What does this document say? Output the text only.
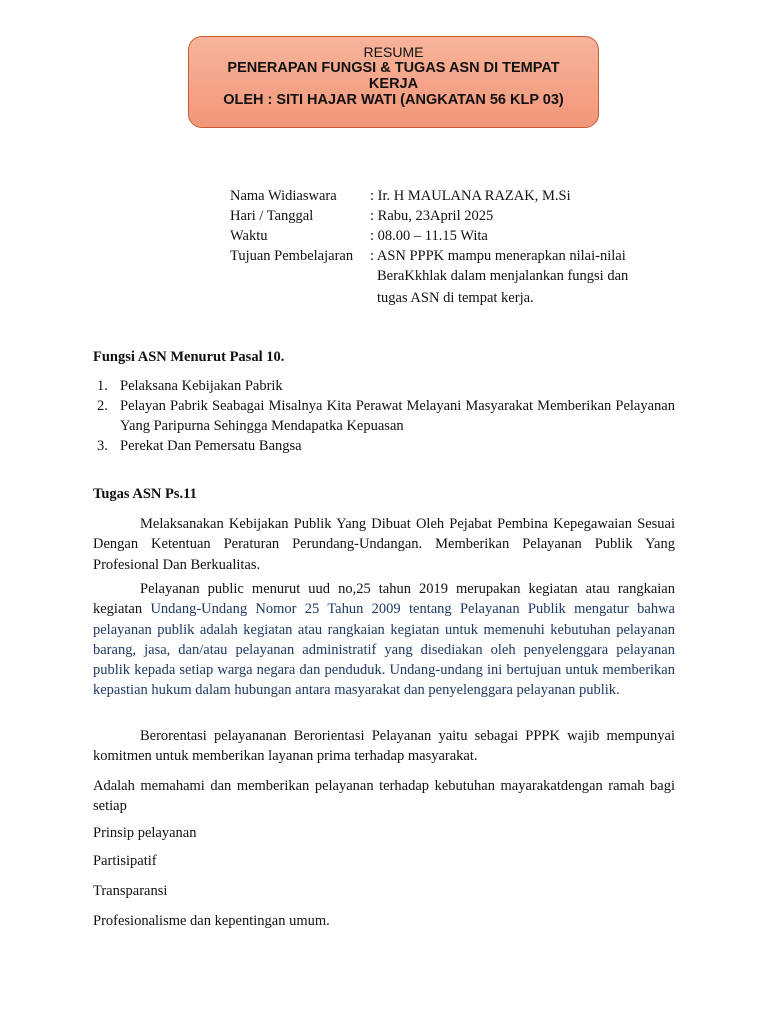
RESUME
PENERAPAN FUNGSI & TUGAS ASN DI TEMPAT
KERJA
OLEH : SITI HAJAR WATI (ANGKATAN 56 KLP 03)
Nama Widiaswara : Ir. H MAULANA RAZAK, M.Si
Hari / Tanggal	: Rabu, 23April 2025
Waktu	: 08.00 – 11.15 Wita
Tujuan Pembelajaran : ASN PPPK mampu menerapkan nilai-nilai
BeraKkhlak dalam menjalankan fungsi dan
tugas ASN di tempat kerja.
Fungsi ASN Menurut Pasal 10.
1. Pelaksana Kebijakan Pabrik
2. Pelayan Pabrik Seabagai Misalnya Kita Perawat Melayani Masyarakat Memberikan Pelayanan Yang Paripurna Sehingga Mendapatka Kepuasan
3. Perekat Dan Pemersatu Bangsa
Tugas ASN Ps.11
Melaksanakan Kebijakan Publik Yang Dibuat Oleh Pejabat Pembina Kepegawaian Sesuai Dengan Ketentuan Peraturan Perundang-Undangan. Memberikan Pelayanan Publik Yang Profesional Dan Berkualitas.
Pelayanan public menurut uud no,25 tahun 2019 merupakan kegiatan atau rangkaian kegiatan Undang-Undang Nomor 25 Tahun 2009 tentang Pelayanan Publik mengatur bahwa pelayanan publik adalah kegiatan atau rangkaian kegiatan untuk memenuhi kebutuhan pelayanan barang, jasa, dan/atau pelayanan administratif yang disediakan oleh penyelenggara pelayanan publik kepada setiap warga negara dan penduduk. Undang-undang ini bertujuan untuk memberikan kepastian hukum dalam hubungan antara masyarakat dan penyelenggara pelayanan publik.
Berorentasi pelayananan Berorientasi Pelayanan yaitu sebagai PPPK wajib mempunyai komitmen untuk memberikan layanan prima terhadap masyarakat.
Adalah memahami dan memberikan pelayanan terhadap kebutuhan mayarakatdengan ramah bagi setiap
Prinsip pelayanan
Partisipatif
Transparansi
Profesionalisme dan kepentingan umum.
